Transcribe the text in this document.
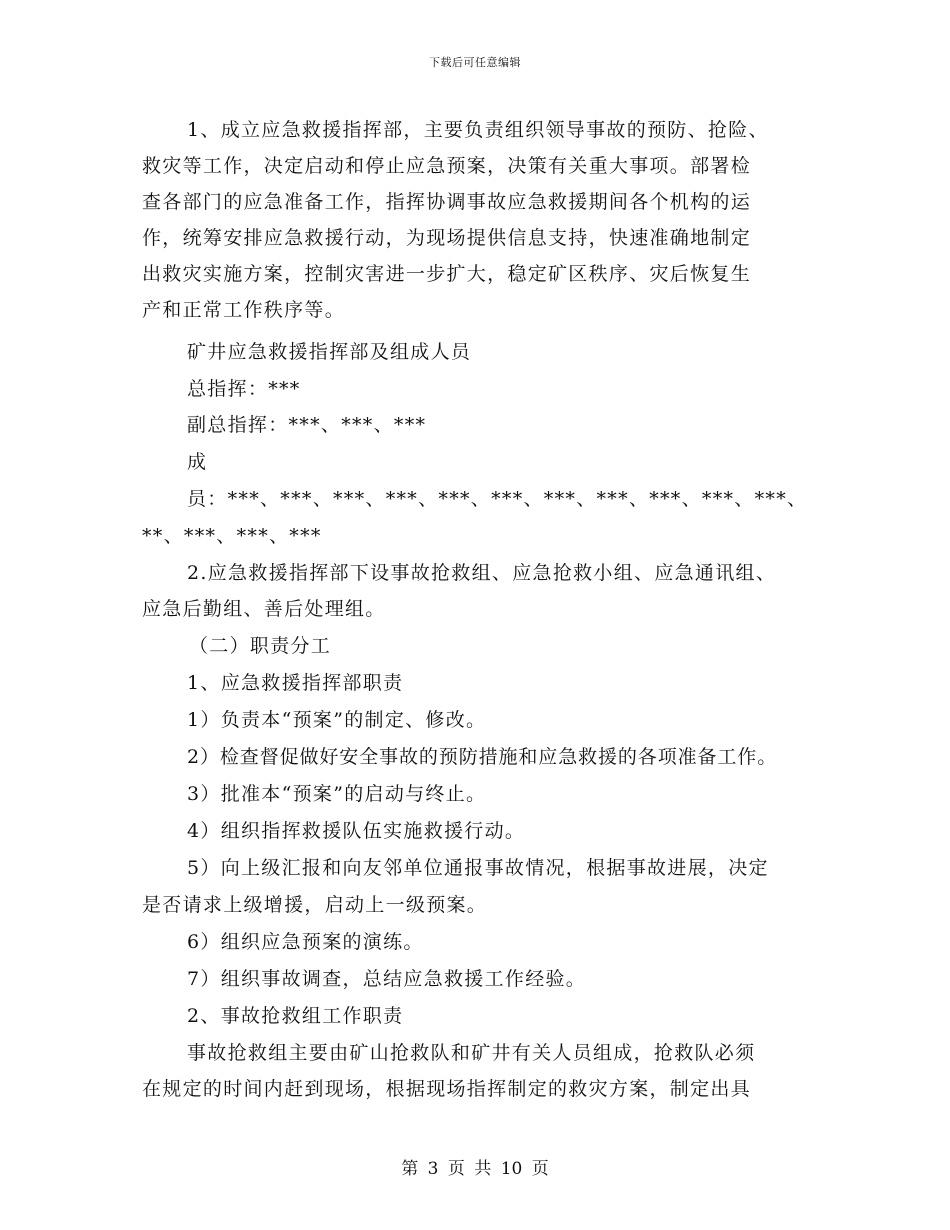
下载后可任意编辑
1、成立应急救援指挥部，主要负责组织领导事故的预防、抢险、
救灾等工作，决定启动和停止应急预案，决策有关重大事项。部署检
查各部门的应急准备工作，指挥协调事故应急救援期间各个机构的运
作，统筹安排应急救援行动，为现场提供信息支持，快速准确地制定
出救灾实施方案，控制灾害进一步扩大，稳定矿区秩序、灾后恢复生
产和正常工作秩序等。
矿井应急救援指挥部及组成人员
总指挥：***
副总指挥：***、***、***
成
员：***、***、***、***、***、***、***、***、***、***、***、
**、***、***、***
2.应急救援指挥部下设事故抢救组、应急抢救小组、应急通讯组、
应急后勤组、善后处理组。
（二）职责分工
1、应急救援指挥部职责
1）负责本“预案”的制定、修改。
2）检查督促做好安全事故的预防措施和应急救援的各项准备工作。
3）批准本“预案”的启动与终止。
4）组织指挥救援队伍实施救援行动。
5）向上级汇报和向友邻单位通报事故情况，根据事故进展，决定
是否请求上级增援，启动上一级预案。
6）组织应急预案的演练。
7）组织事故调查，总结应急救援工作经验。
2、事故抢救组工作职责
事故抢救组主要由矿山抢救队和矿井有关人员组成，抢救队必须
在规定的时间内赶到现场，根据现场指挥制定的救灾方案，制定出具
第 3 页 共 10 页
